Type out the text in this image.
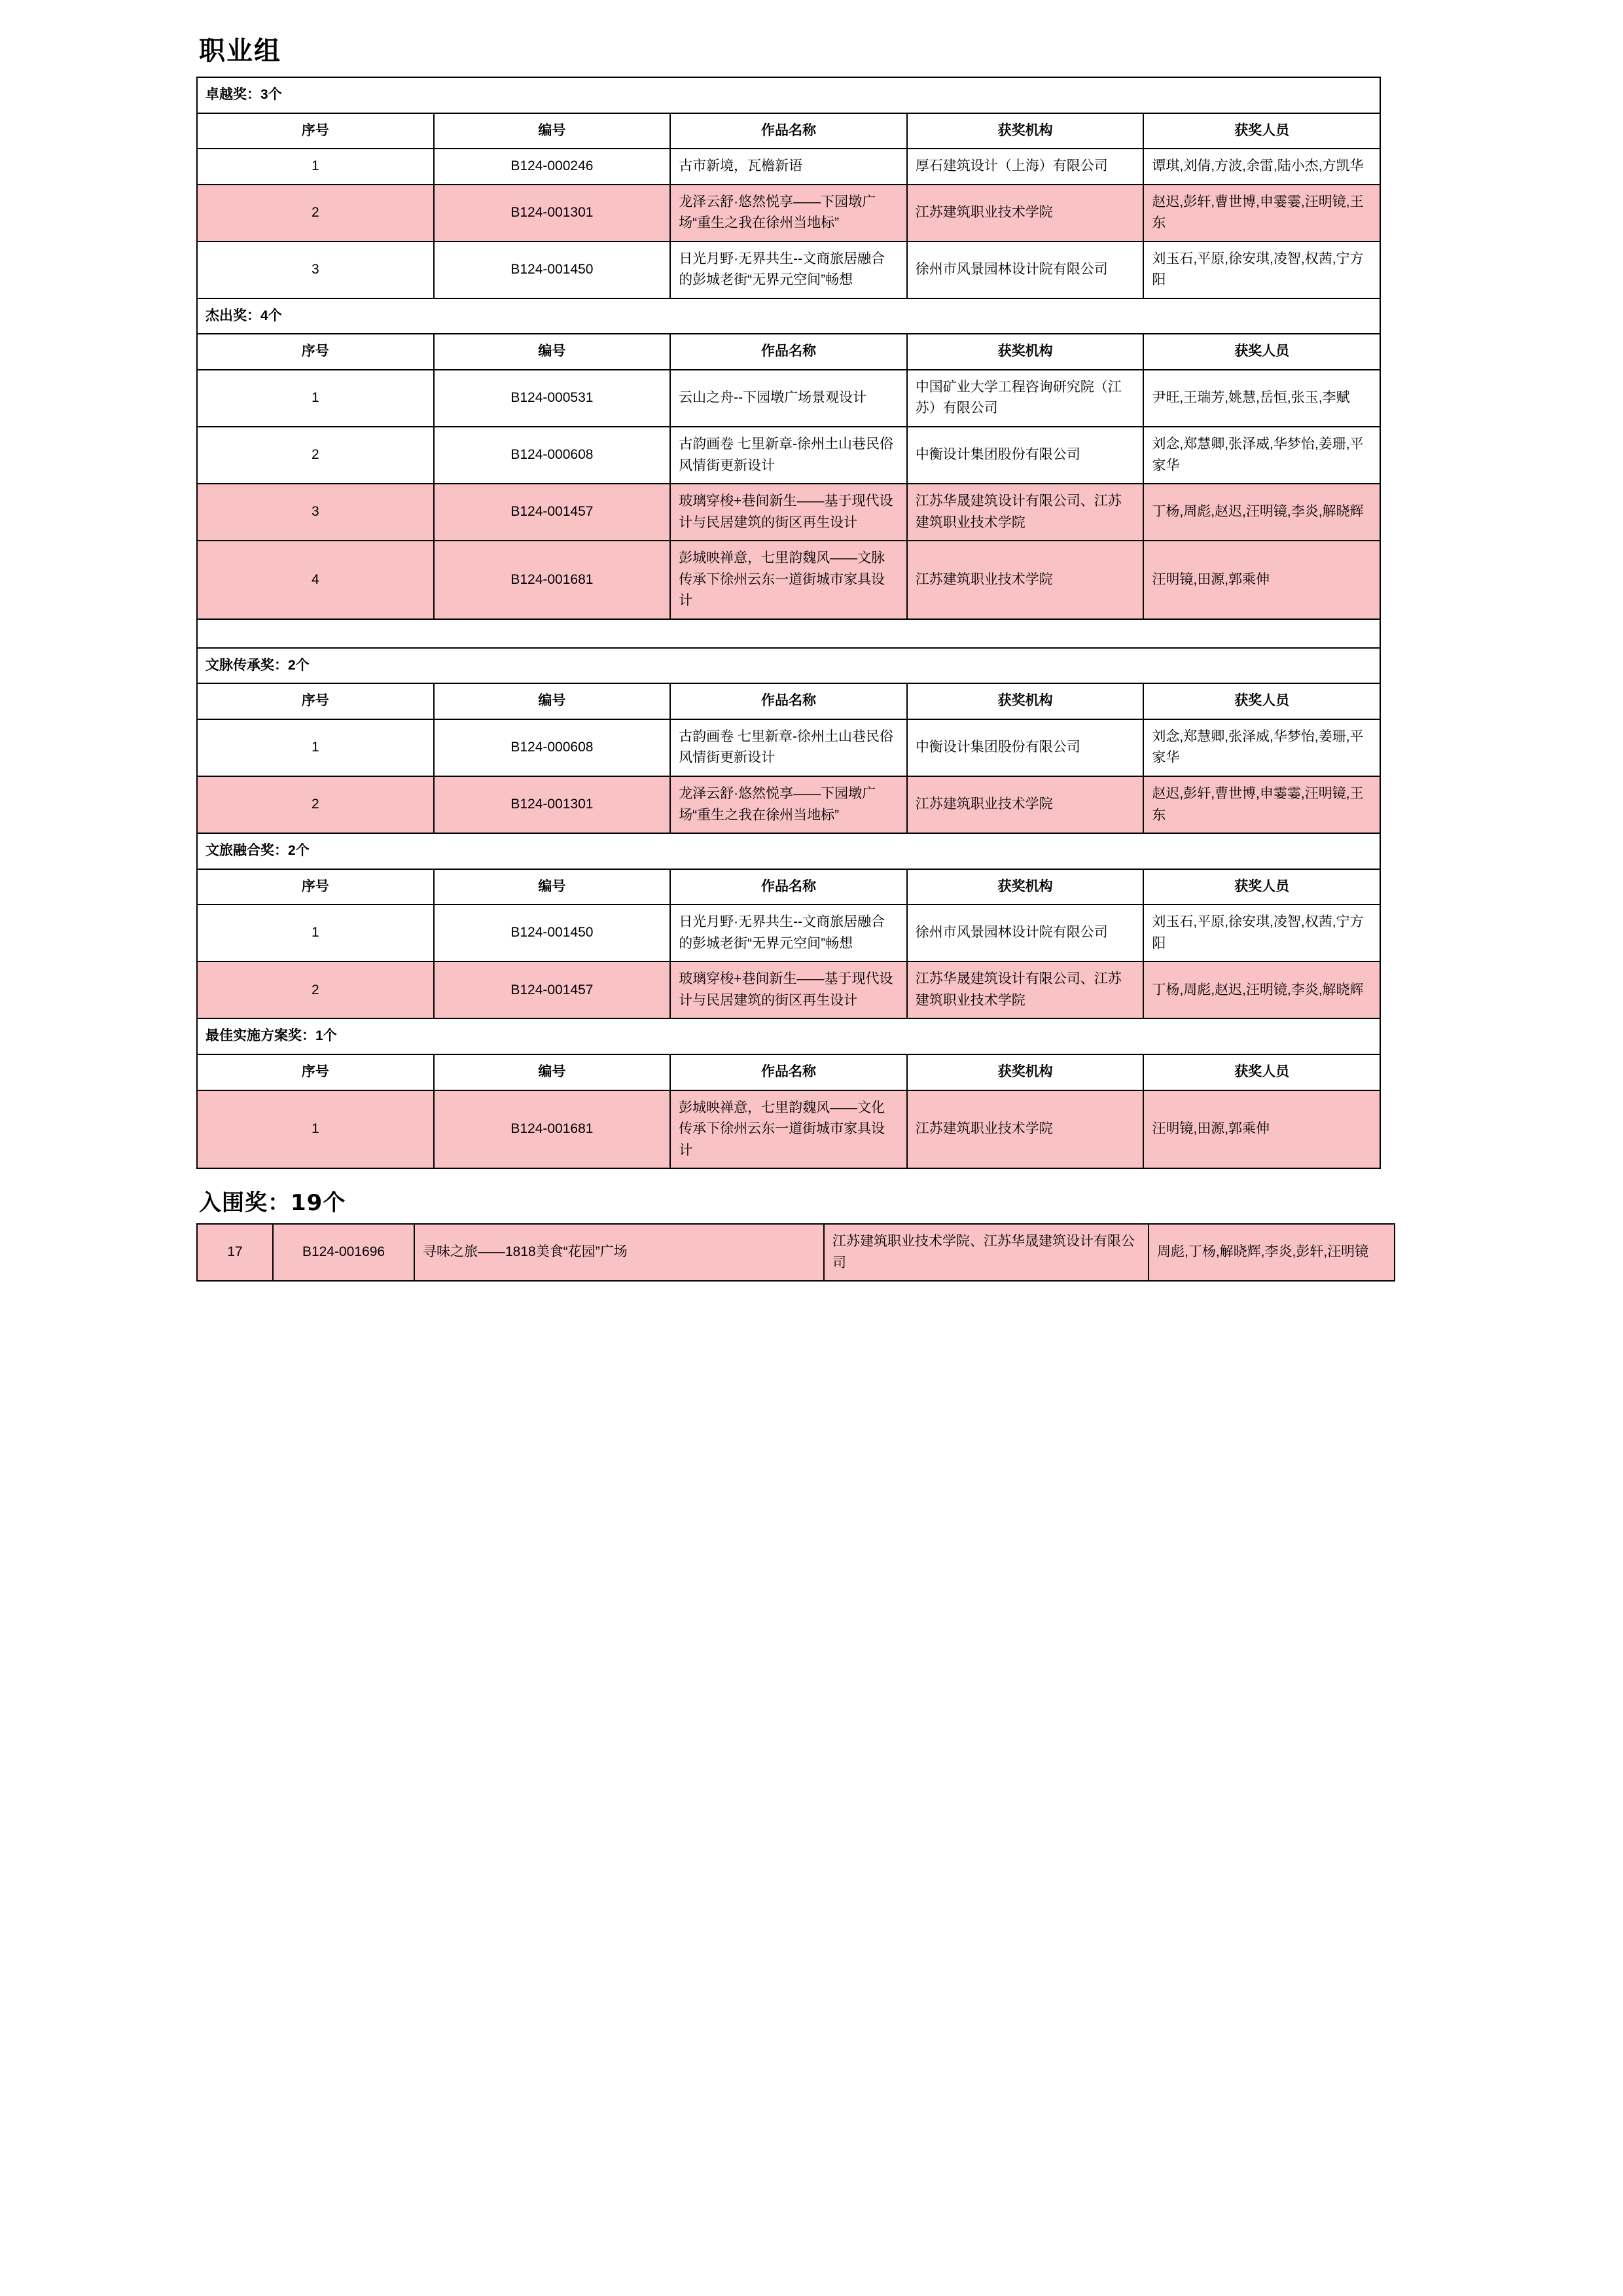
职业组
卓越奖：3个				
序号	编号	作品名称	获奖机构	获奖人员
1	B124-000246	古市新境，瓦檐新语	厚石建筑设计（上海）有限公司	谭琪,刘倩,方波,余雷,陆小杰,方凯华
2	B124-001301	龙泽云舒·悠然悦享——下园墩广场“重生之我在徐州当地标”	江苏建筑职业技术学院	赵迟,彭轩,曹世博,申霎霎,汪明镜,王东
3	B124-001450	日光月野·无界共生--文商旅居融合的彭城老街“无界元空间”畅想	徐州市风景园林设计院有限公司	刘玉石,平原,徐安琪,凌智,权茜,宁方阳
杰出奖：4个				
序号	编号	作品名称	获奖机构	获奖人员
1	B124-000531	云山之舟--下园墩广场景观设计	中国矿业大学工程咨询研究院（江苏）有限公司	尹旺,王瑞芳,姚慧,岳恒,张玉,李赋
2	B124-000608	古韵画卷 七里新章-徐州土山巷民俗风情街更新设计	中衡设计集团股份有限公司	刘念,郑慧卿,张泽威,华梦怡,姜珊,平家华
3	B124-001457	玻璃穿梭+巷间新生——基于现代设计与民居建筑的街区再生设计	江苏华晟建筑设计有限公司、江苏建筑职业技术学院	丁杨,周彪,赵迟,汪明镜,李炎,解晓辉
4	B124-001681	彭城映禅意，七里韵魏风——文脉传承下徐州云东一道街城市家具设计	江苏建筑职业技术学院	汪明镜,田源,郭乘伸

文脉传承奖：2个				
序号	编号	作品名称	获奖机构	获奖人员
1	B124-000608	古韵画卷 七里新章-徐州土山巷民俗风情街更新设计	中衡设计集团股份有限公司	刘念,郑慧卿,张泽威,华梦怡,姜珊,平家华
2	B124-001301	龙泽云舒·悠然悦享——下园墩广场“重生之我在徐州当地标”	江苏建筑职业技术学院	赵迟,彭轩,曹世博,申霎霎,汪明镜,王东
文旅融合奖：2个				
序号	编号	作品名称	获奖机构	获奖人员
1	B124-001450	日光月野·无界共生--文商旅居融合的彭城老街“无界元空间”畅想	徐州市风景园林设计院有限公司	刘玉石,平原,徐安琪,凌智,权茜,宁方阳
2	B124-001457	玻璃穿梭+巷间新生——基于现代设计与民居建筑的街区再生设计	江苏华晟建筑设计有限公司、江苏建筑职业技术学院	丁杨,周彪,赵迟,汪明镜,李炎,解晓辉
最佳实施方案奖：1个				
序号	编号	作品名称	获奖机构	获奖人员
1	B124-001681	彭城映禅意，七里韵魏风——文化传承下徐州云东一道街城市家具设计	江苏建筑职业技术学院	汪明镜,田源,郭乘伸
入围奖：19个
17	B124-001696	寻味之旅——1818美食“花园”广场	江苏建筑职业技术学院、江苏华晟建筑设计有限公司	周彪,丁杨,解晓辉,李炎,彭轩,汪明镜
